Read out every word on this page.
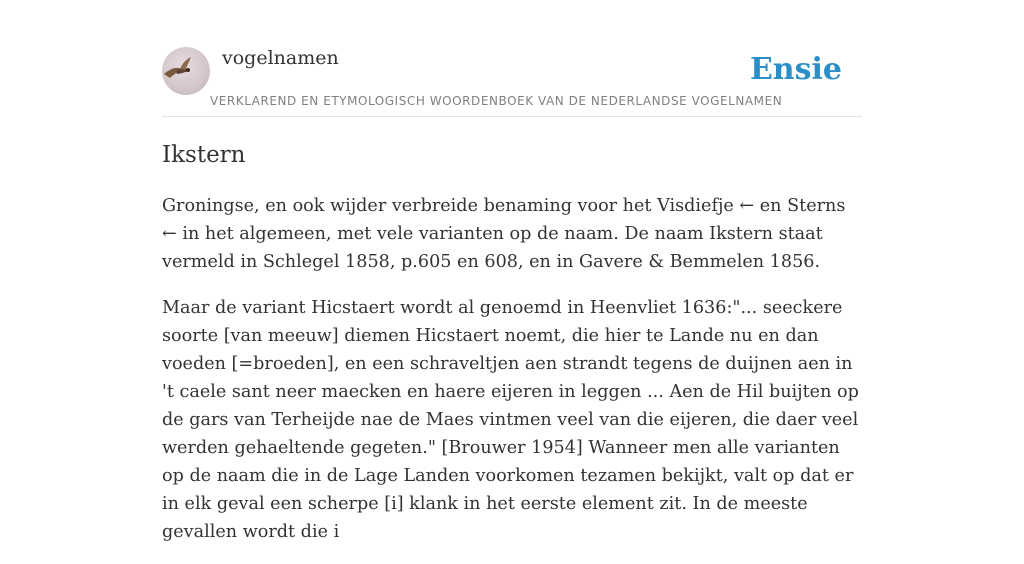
vogelnamen	Ensie
VERKLAREND EN ETYMOLOGISCH WOORDENBOEK VAN DE NEDERLANDSE VOGELNAMEN
Ikstern

Groningse, en ook wijder verbreide benaming voor het Visdiefje ← en Sterns ← in het algemeen, met vele varianten op de naam. De naam Ikstern staat vermeld in Schlegel 1858, p.605 en 608, en in Gavere & Bemmelen 1856.

Maar de variant Hicstaert wordt al genoemd in Heenvliet 1636:"... seeckere soorte [van meeuw] diemen Hicstaert noemt, die hier te Lande nu en dan voeden [=broeden], en een schraveltjen aen strandt tegens de duijnen aen in 't caele sant neer maecken en haere eijeren in leggen ... Aen de Hil buijten op de gars van Terheijde nae de Maes vintmen veel van die eijeren, die daer veel werden gehaeltende gegeten." [Brouwer 1954] Wanneer men alle varianten op de naam die in de Lage Landen voorkomen tezamen bekijkt, valt op dat er in elk geval een scherpe [i] klank in het eerste element zit. In de meeste gevallen wordt die i
